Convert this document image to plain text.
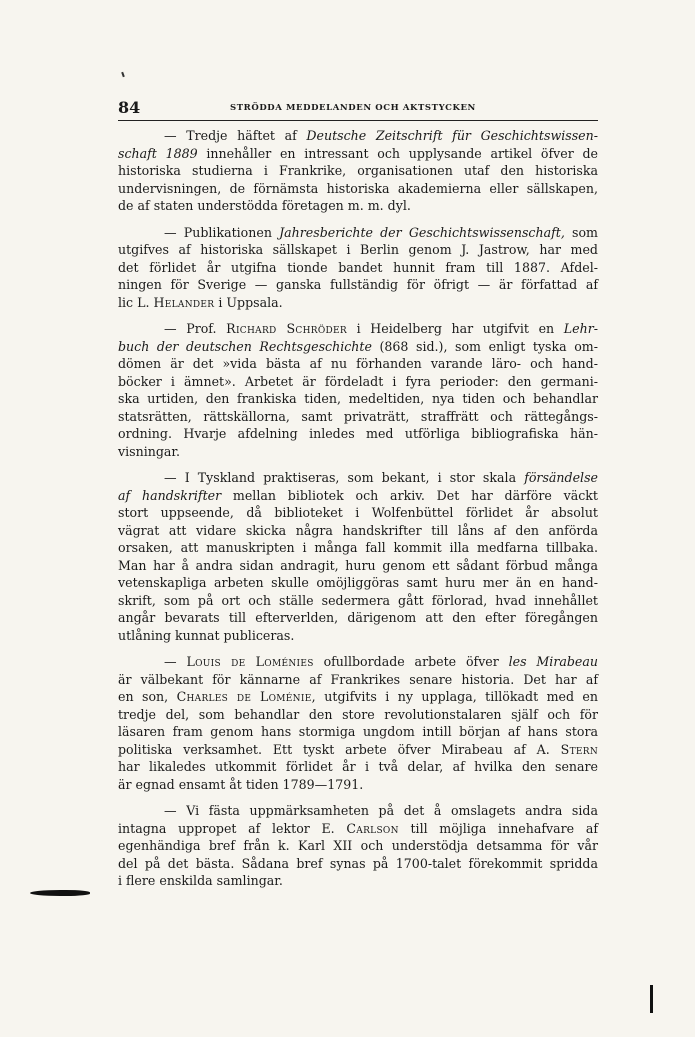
84	STRÖDDA MEDDELANDEN OCH AKTSTYCKEN
— Tredje häftet af Deutsche Zeitschrift für Geschichtswissen-
schaft 1889 innehåller en intressant och upplysande artikel öfver de
historiska studierna i Frankrike, organisationen utaf den historiska
undervisningen, de förnämsta historiska akademierna eller sällskapen,
de af staten understödda företagen m. m. dyl.
— Publikationen Jahresberichte der Geschichtswissenschaft, som
utgifves af historiska sällskapet i Berlin genom J. Jastrow, har med
det förlidet år utgifna tionde bandet hunnit fram till 1887. Afdel-
ningen för Sverige — ganska fullständig för öfrigt — är författad af
lic L. Helander i Uppsala.
— Prof. Richard Schröder i Heidelberg har utgifvit en Lehr-
buch der deutschen Rechtsgeschichte (868 sid.), som enligt tyska om-
dömen är det »vida bästa af nu förhanden varande läro- och hand-
böcker i ämnet». Arbetet är fördeladt i fyra perioder: den germani-
ska urtiden, den frankiska tiden, medeltiden, nya tiden och behandlar
statsrätten, rättskällorna, samt privaträtt, straffrätt och rättegångs-
ordning. Hvarje afdelning inledes med utförliga bibliografiska hän-
visningar.
— I Tyskland praktiseras, som bekant, i stor skala försändelse
af handskrifter mellan bibliotek och arkiv. Det har därföre väckt
stort uppseende, då biblioteket i Wolfenbüttel förlidet år absolut
vägrat att vidare skicka några handskrifter till låns af den anförda
orsaken, att manuskripten i många fall kommit illa medfarna tillbaka.
Man har å andra sidan andragit, huru genom ett sådant förbud många
vetenskapliga arbeten skulle omöjliggöras samt huru mer än en hand-
skrift, som på ort och ställe sedermera gått förlorad, hvad innehållet
angår bevarats till efterverlden, därigenom att den efter föregången
utlåning kunnat publiceras.
— Louis de Loménies ofullbordade arbete öfver les Mirabeau
är välbekant för kännarne af Frankrikes senare historia. Det har af
en son, Charles de Loménie, utgifvits i ny upplaga, tillökadt med en
tredje del, som behandlar den store revolutionstalaren själf och för
läsaren fram genom hans stormiga ungdom intill början af hans stora
politiska verksamhet. Ett tyskt arbete öfver Mirabeau af A. Stern
har likaledes utkommit förlidet år i två delar, af hvilka den senare
är egnad ensamt åt tiden 1789—1791.
— Vi fästa uppmärksamheten på det å omslagets andra sida
intagna uppropet af lektor E. Carlson till möjliga innehafvare af
egenhändiga bref från k. Karl XII och understödja detsamma för vår
del på det bästa. Sådana bref synas på 1700-talet förekommit spridda
i flere enskilda samlingar.
